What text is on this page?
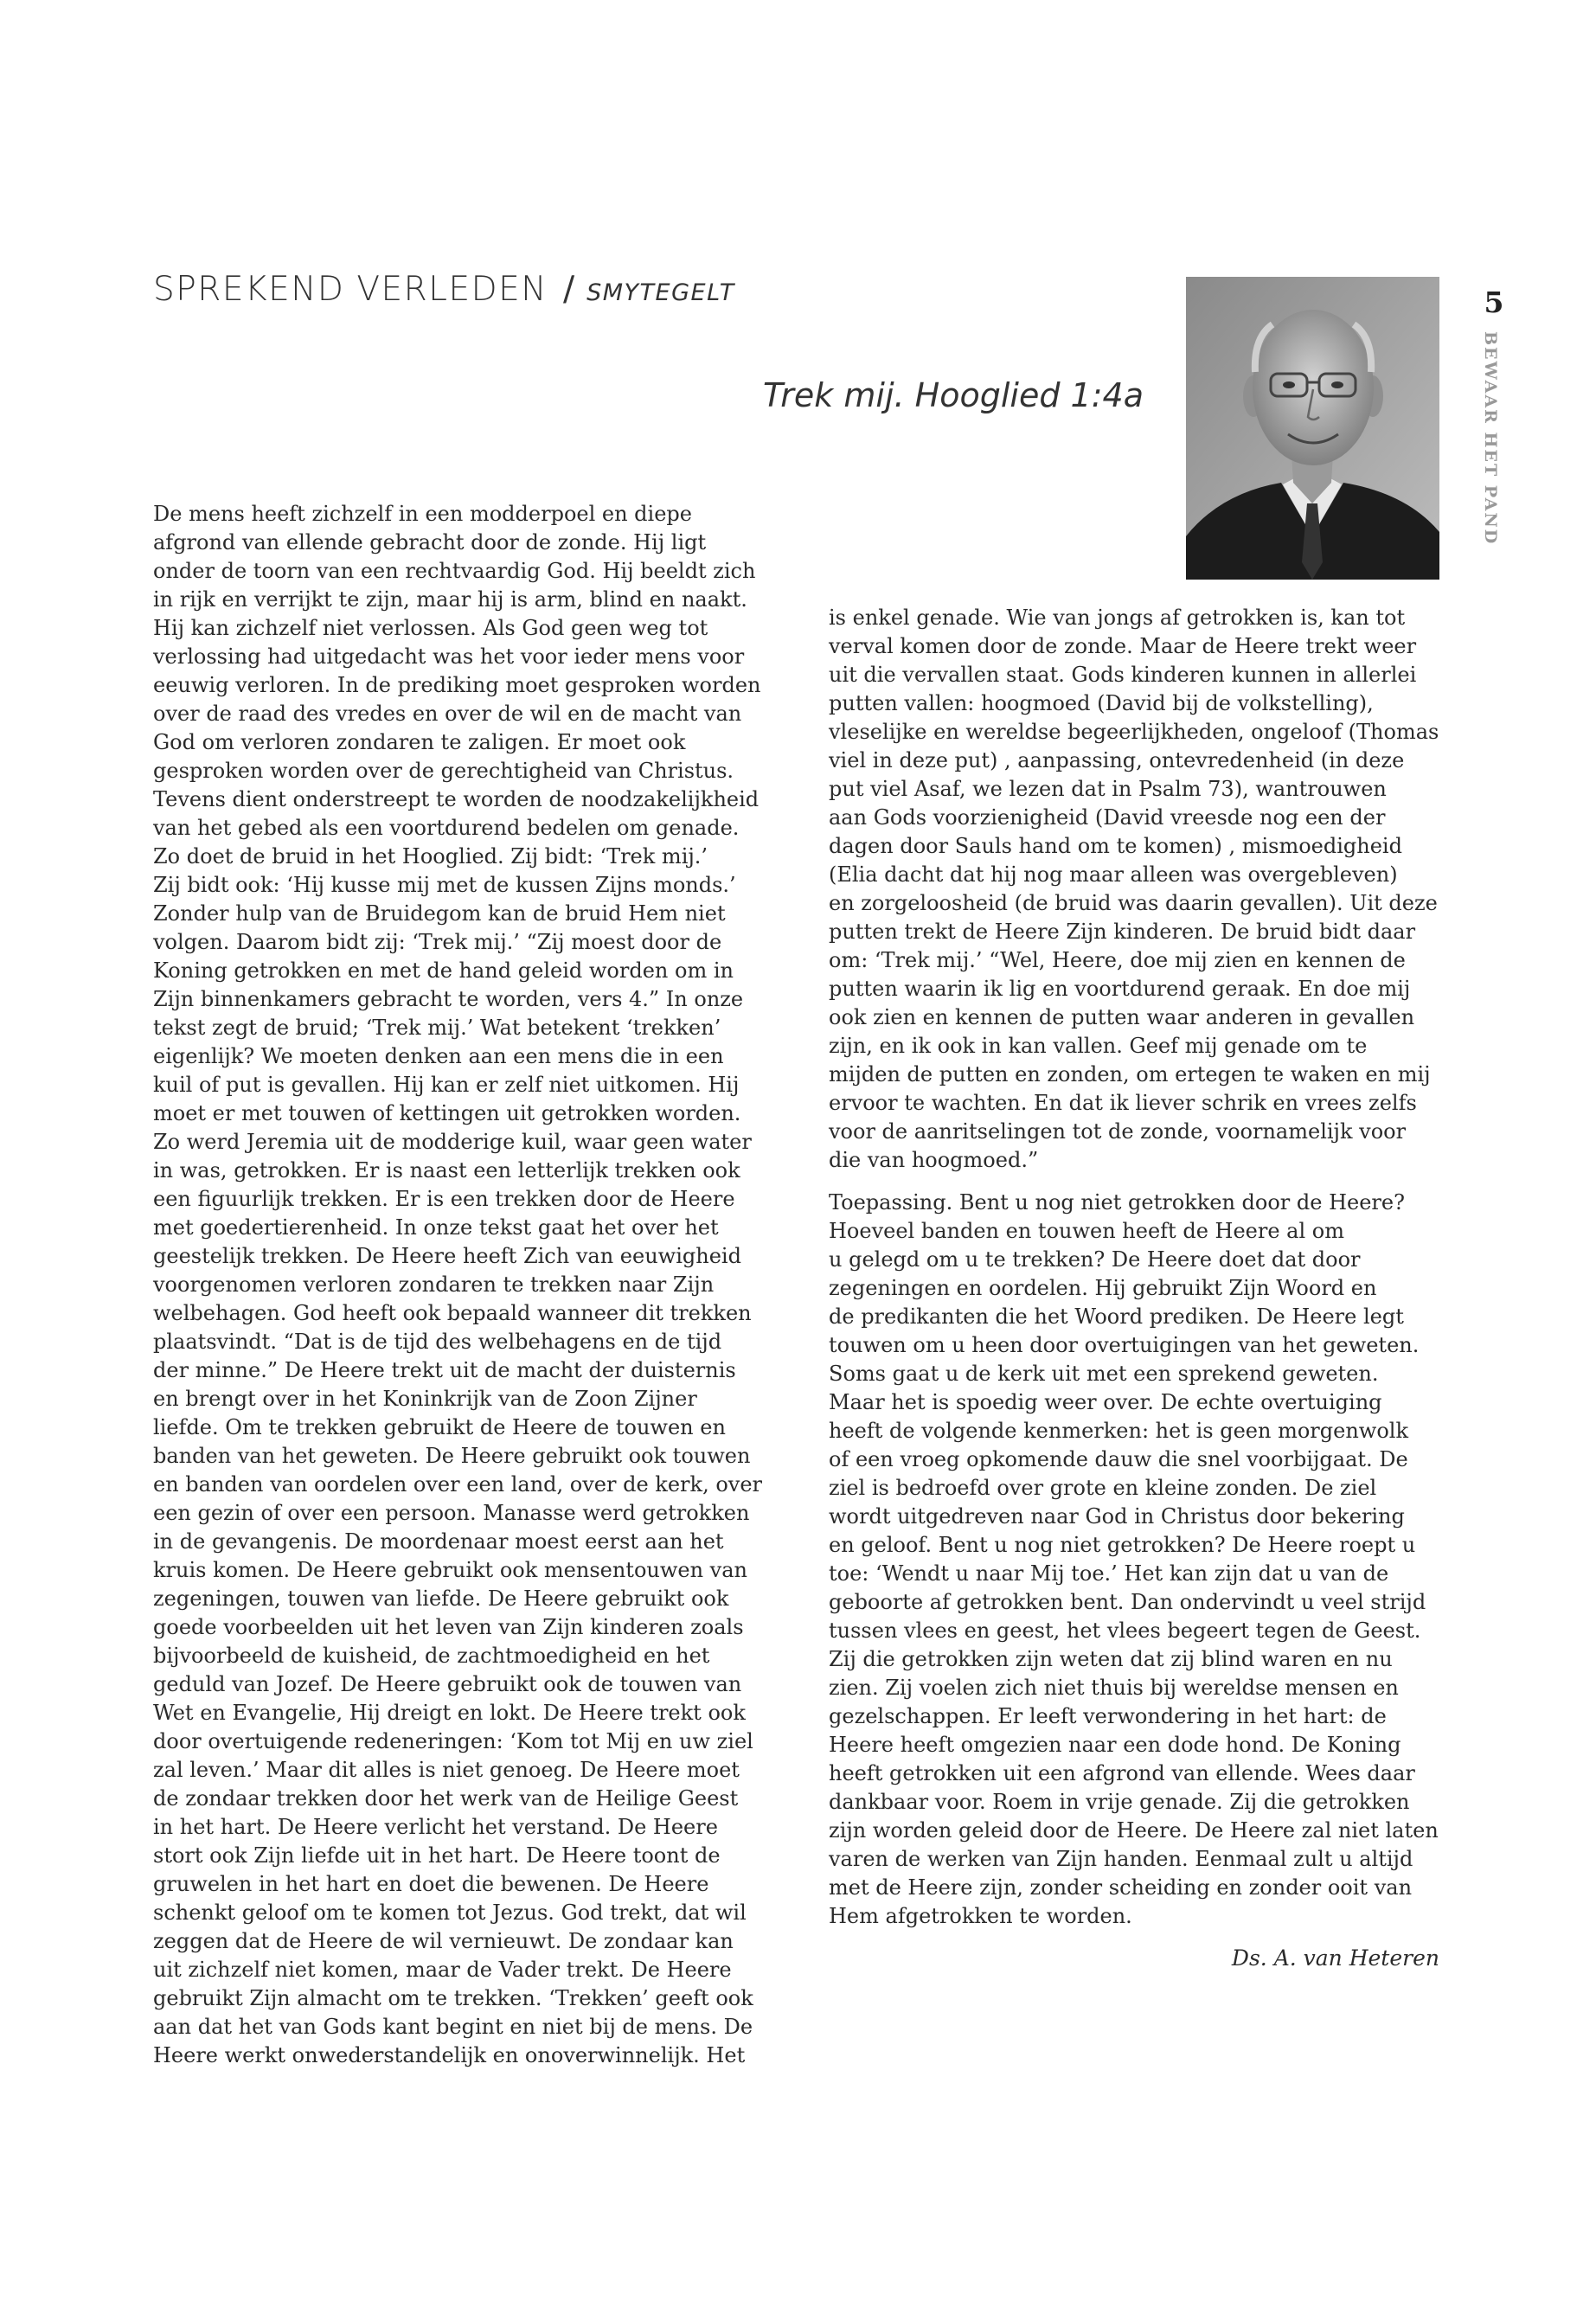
SPREKEND VERLEDEN / SMYTEGELT
Trek mij. Hooglied 1:4a
5
BEWAAR HET PAND
De mens heeft zichzelf in een modderpoel en diepe
afgrond van ellende gebracht door de zonde. Hij ligt
onder de toorn van een rechtvaardig God. Hij beeldt zich
in rijk en verrijkt te zijn, maar hij is arm, blind en naakt.
Hij kan zichzelf niet verlossen. Als God geen weg tot
verlossing had uitgedacht was het voor ieder mens voor
eeuwig verloren. In de prediking moet gesproken worden
over de raad des vredes en over de wil en de macht van
God om verloren zondaren te zaligen. Er moet ook
gesproken worden over de gerechtigheid van Christus.
Tevens dient onderstreept te worden de noodzakelijkheid
van het gebed als een voortdurend bedelen om genade.
Zo doet de bruid in het Hooglied. Zij bidt: ‘Trek mij.’
Zij bidt ook: ‘Hij kusse mij met de kussen Zijns monds.’
Zonder hulp van de Bruidegom kan de bruid Hem niet
volgen. Daarom bidt zij: ‘Trek mij.’ “Zij moest door de
Koning getrokken en met de hand geleid worden om in
Zijn binnenkamers gebracht te worden, vers 4.” In onze
tekst zegt de bruid; ‘Trek mij.’ Wat betekent ‘trekken’
eigenlijk? We moeten denken aan een mens die in een
kuil of put is gevallen. Hij kan er zelf niet uitkomen. Hij
moet er met touwen of kettingen uit getrokken worden.
Zo werd Jeremia uit de modderige kuil, waar geen water
in was, getrokken. Er is naast een letterlijk trekken ook
een figuurlijk trekken. Er is een trekken door de Heere
met goedertierenheid. In onze tekst gaat het over het
geestelijk trekken. De Heere heeft Zich van eeuwigheid
voorgenomen verloren zondaren te trekken naar Zijn
welbehagen. God heeft ook bepaald wanneer dit trekken
plaatsvindt. “Dat is de tijd des welbehagens en de tijd
der minne.” De Heere trekt uit de macht der duisternis
en brengt over in het Koninkrijk van de Zoon Zijner
liefde. Om te trekken gebruikt de Heere de touwen en
banden van het geweten. De Heere gebruikt ook touwen
en banden van oordelen over een land, over de kerk, over
een gezin of over een persoon. Manasse werd getrokken
in de gevangenis. De moordenaar moest eerst aan het
kruis komen. De Heere gebruikt ook mensentouwen van
zegeningen, touwen van liefde. De Heere gebruikt ook
goede voorbeelden uit het leven van Zijn kinderen zoals
bijvoorbeeld de kuisheid, de zachtmoedigheid en het
geduld van Jozef. De Heere gebruikt ook de touwen van
Wet en Evangelie, Hij dreigt en lokt. De Heere trekt ook
door overtuigende redeneringen: ‘Kom tot Mij en uw ziel
zal leven.’ Maar dit alles is niet genoeg. De Heere moet
de zondaar trekken door het werk van de Heilige Geest
in het hart. De Heere verlicht het verstand. De Heere
stort ook Zijn liefde uit in het hart. De Heere toont de
gruwelen in het hart en doet die bewenen. De Heere
schenkt geloof om te komen tot Jezus. God trekt, dat wil
zeggen dat de Heere de wil vernieuwt. De zondaar kan
uit zichzelf niet komen, maar de Vader trekt. De Heere
gebruikt Zijn almacht om te trekken. ‘Trekken’ geeft ook
aan dat het van Gods kant begint en niet bij de mens. De
Heere werkt onwederstandelijk en onoverwinnelijk. Het
is enkel genade. Wie van jongs af getrokken is, kan tot
verval komen door de zonde. Maar de Heere trekt weer
uit die vervallen staat. Gods kinderen kunnen in allerlei
putten vallen: hoogmoed (David bij de volkstelling),
vleselijke en wereldse begeerlijkheden, ongeloof (Thomas
viel in deze put) , aanpassing, ontevredenheid (in deze
put viel Asaf, we lezen dat in Psalm 73), wantrouwen
aan Gods voorzienigheid (David vreesde nog een der
dagen door Sauls hand om te komen) , mismoedigheid
(Elia dacht dat hij nog maar alleen was overgebleven)
en zorgeloosheid (de bruid was daarin gevallen). Uit deze
putten trekt de Heere Zijn kinderen. De bruid bidt daar
om: ‘Trek mij.’ “Wel, Heere, doe mij zien en kennen de
putten waarin ik lig en voortdurend geraak. En doe mij
ook zien en kennen de putten waar anderen in gevallen
zijn, en ik ook in kan vallen. Geef mij genade om te
mijden de putten en zonden, om ertegen te waken en mij
ervoor te wachten. En dat ik liever schrik en vrees zelfs
voor de aanritselingen tot de zonde, voornamelijk voor
die van hoogmoed.”
Toepassing. Bent u nog niet getrokken door de Heere?
Hoeveel banden en touwen heeft de Heere al om
u gelegd om u te trekken? De Heere doet dat door
zegeningen en oordelen. Hij gebruikt Zijn Woord en
de predikanten die het Woord prediken. De Heere legt
touwen om u heen door overtuigingen van het geweten.
Soms gaat u de kerk uit met een sprekend geweten.
Maar het is spoedig weer over. De echte overtuiging
heeft de volgende kenmerken: het is geen morgenwolk
of een vroeg opkomende dauw die snel voorbijgaat. De
ziel is bedroefd over grote en kleine zonden. De ziel
wordt uitgedreven naar God in Christus door bekering
en geloof. Bent u nog niet getrokken? De Heere roept u
toe: ‘Wendt u naar Mij toe.’ Het kan zijn dat u van de
geboorte af getrokken bent. Dan ondervindt u veel strijd
tussen vlees en geest, het vlees begeert tegen de Geest.
Zij die getrokken zijn weten dat zij blind waren en nu
zien. Zij voelen zich niet thuis bij wereldse mensen en
gezelschappen. Er leeft verwondering in het hart: de
Heere heeft omgezien naar een dode hond. De Koning
heeft getrokken uit een afgrond van ellende. Wees daar
dankbaar voor. Roem in vrije genade. Zij die getrokken
zijn worden geleid door de Heere. De Heere zal niet laten
varen de werken van Zijn handen. Eenmaal zult u altijd
met de Heere zijn, zonder scheiding en zonder ooit van
Hem afgetrokken te worden.
Ds. A. van Heteren
